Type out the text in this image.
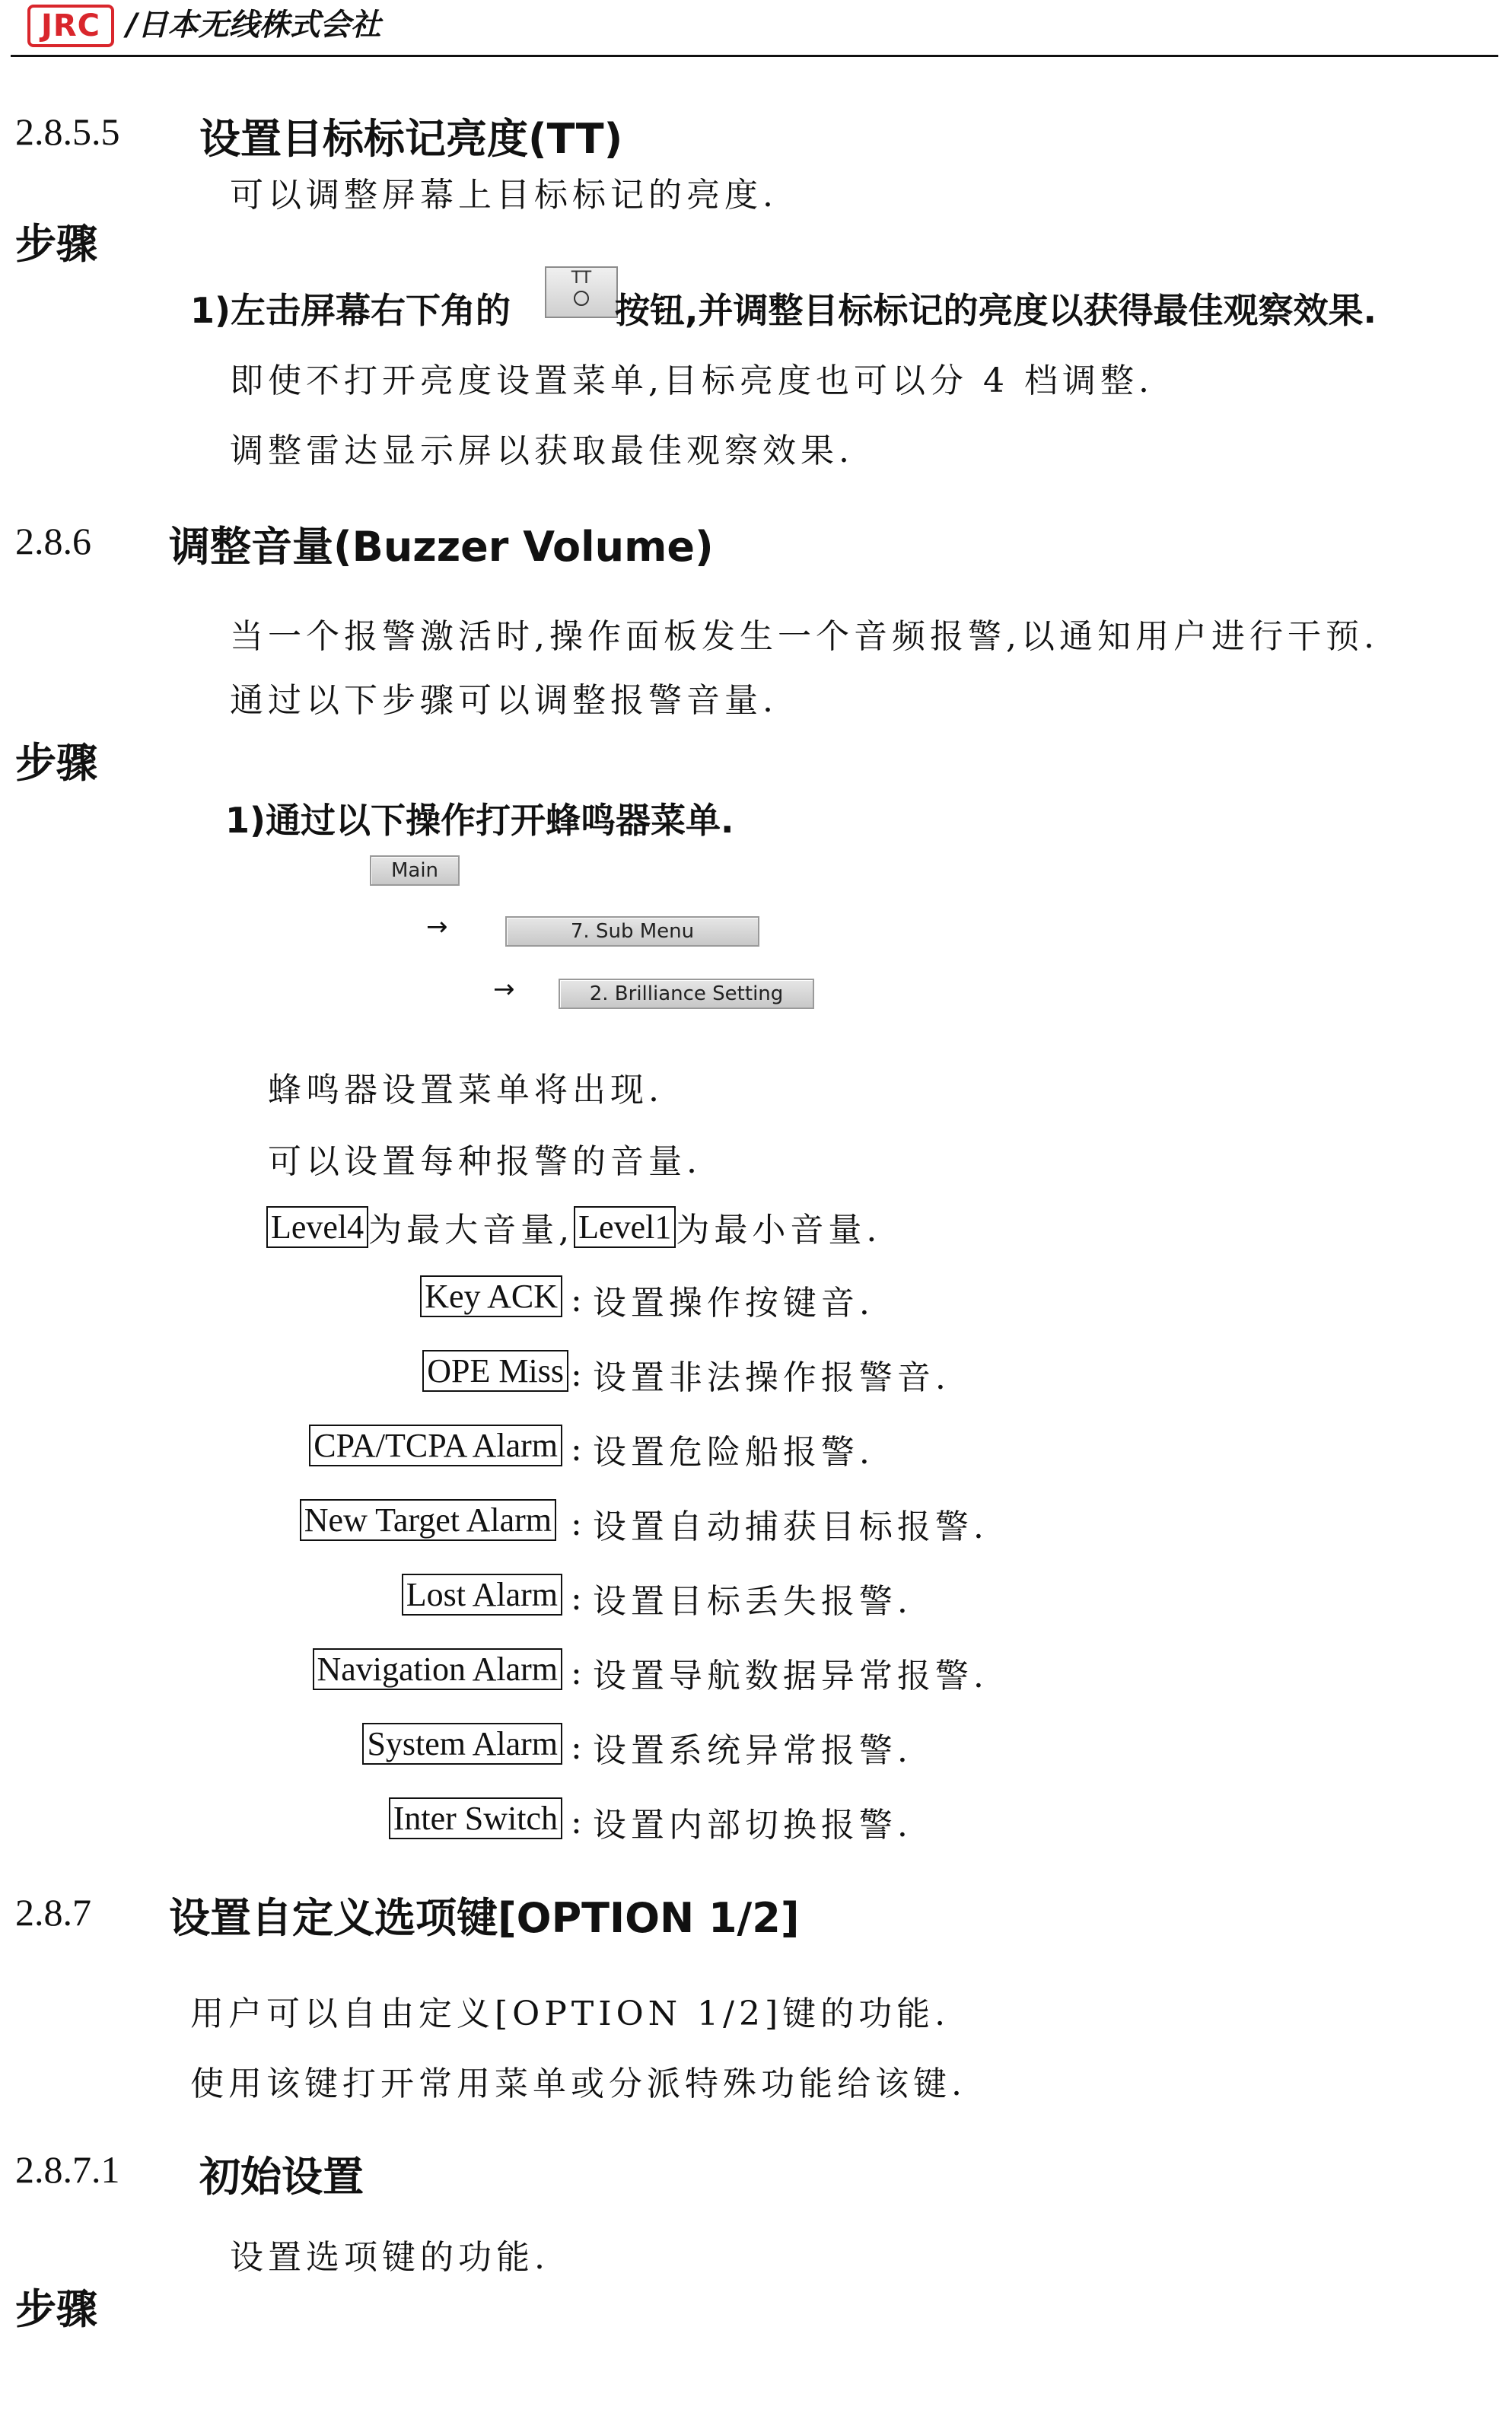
JRC /日本无线株式会社
2.8.5.5 设置目标标记亮度(TT)
可以调整屏幕上目标标记的亮度.
步骤
1)左击屏幕右下角的
TT
按钮,并调整目标标记的亮度以获得最佳观察效果.
即使不打开亮度设置菜单,目标亮度也可以分 4 档调整.
调整雷达显示屏以获取最佳观察效果.
2.8.6 调整音量(Buzzer Volume)
当一个报警激活时,操作面板发生一个音频报警,以通知用户进行干预.
通过以下步骤可以调整报警音量.
步骤
1)通过以下操作打开蜂鸣器菜单.
Main
→	7. Sub Menu
→	2. Brilliance Setting
蜂鸣器设置菜单将出现.
可以设置每种报警的音量.
Level4 为最大音量, Level1 为最小音量.
Key ACK : 设置操作按键音.
OPE Miss : 设置非法操作报警音.
CPA/TCPA Alarm : 设置危险船报警.
New Target Alarm : 设置自动捕获目标报警.
Lost Alarm : 设置目标丢失报警.
Navigation Alarm : 设置导航数据异常报警.
System Alarm : 设置系统异常报警.
Inter Switch : 设置内部切换报警.
2.8.7 设置自定义选项键[OPTION 1/2]
用户可以自由定义[OPTION 1/2]键的功能.
使用该键打开常用菜单或分派特殊功能给该键.
2.8.7.1 初始设置
设置选项键的功能.
步骤
